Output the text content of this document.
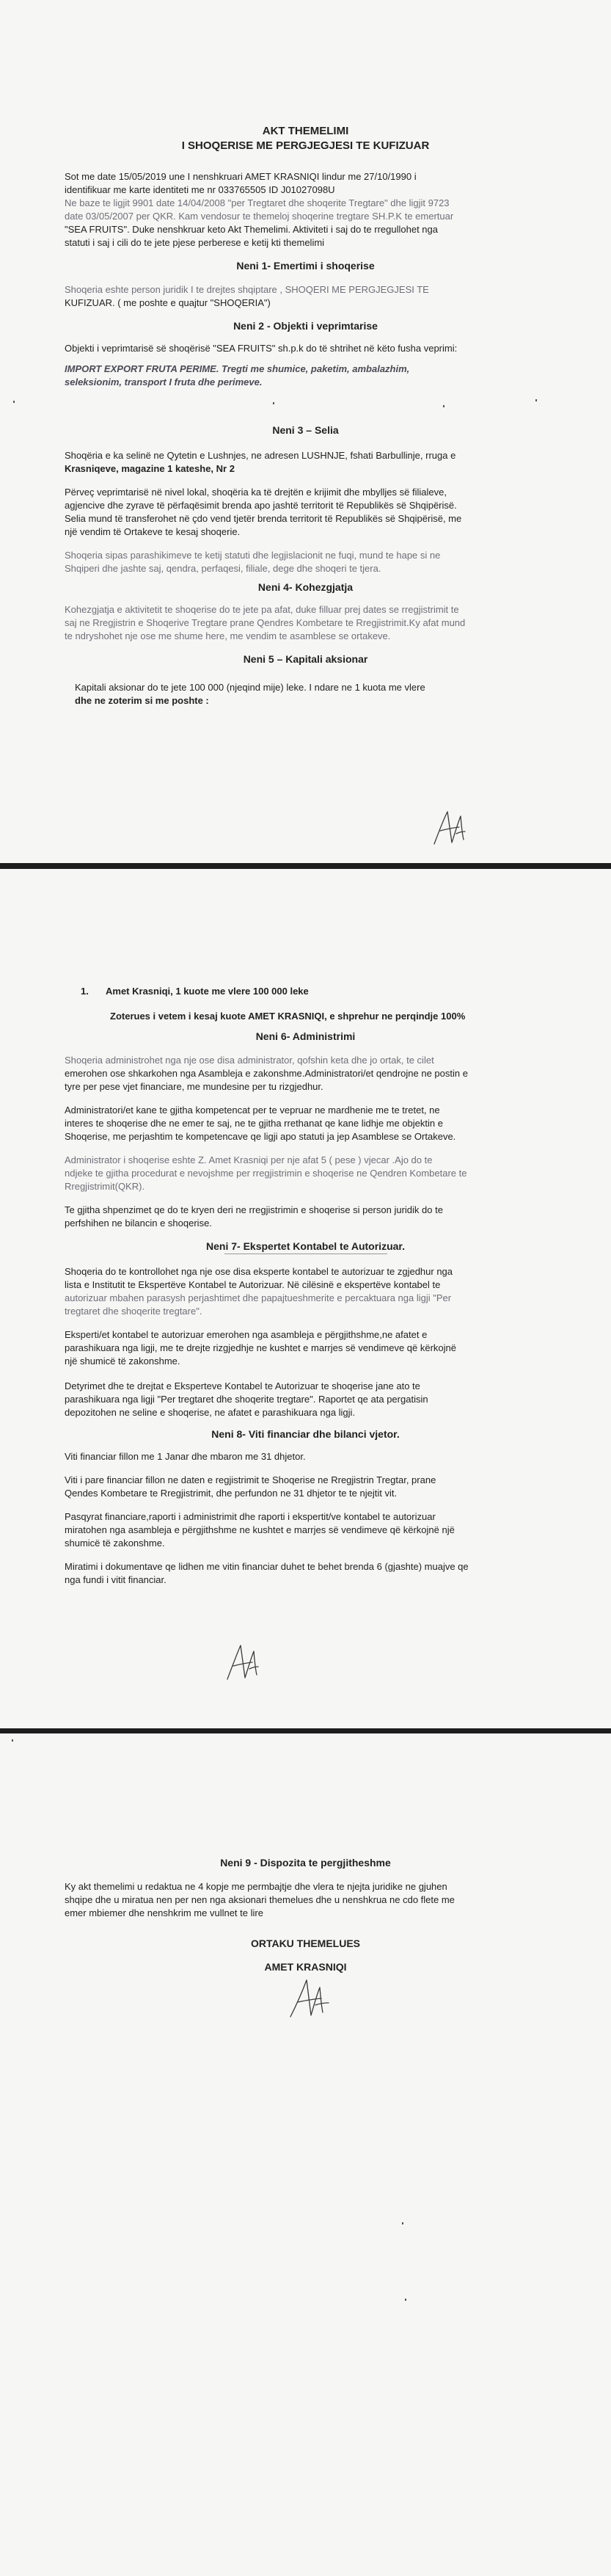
AKT THEMELIMI
I SHOQERISE ME PERGJEGJESI TE KUFIZUAR
Sot me date 15/05/2019 une I nenshkruari AMET KRASNIQI lindur me 27/10/1990 i
identifikuar me karte identiteti me nr 033765505 ID J01027098U
Ne baze te ligjit 9901 date 14/04/2008 "per Tregtaret dhe shoqerite Tregtare" dhe ligjit 9723
date 03/05/2007 per QKR. Kam vendosur te themeloj shoqerine tregtare SH.P.K te emertuar
"SEA FRUITS". Duke nenshkruar keto Akt Themelimi. Aktiviteti i saj do te rregullohet nga
statuti i saj i cili do te jete pjese perberese e ketij kti themelimi
Neni 1- Emertimi i shoqerise
Shoqeria eshte person juridik I te drejtes shqiptare , SHOQERI ME PERGJEGJESI TE
KUFIZUAR. ( me poshte e quajtur "SHOQERIA")
Neni 2 - Objekti i veprimtarise
Objekti i veprimtarisë së shoqërisë "SEA FRUITS" sh.p.k do të shtrihet në këto fusha veprimi:
IMPORT EXPORT FRUTA PERIME. Tregti me shumice, paketim, ambalazhim,
seleksionim, transport I fruta dhe perimeve.
Neni 3 – Selia
Shoqëria e ka selinë ne Qytetin e Lushnjes, ne adresen LUSHNJE, fshati Barbullinje, rruga e
Krasniqeve, magazine 1 kateshe, Nr 2
Përveç veprimtarisë në nivel lokal, shoqëria ka të drejtën e krijimit dhe mbylljes së filialeve,
agjencive dhe zyrave të përfaqësimit brenda apo jashtë territorit të Republikës së Shqipërisë.
Selia mund të transferohet në çdo vend tjetër brenda territorit të Republikës së Shqipërisë, me
një vendim të Ortakeve te kesaj shoqerie.
Shoqeria sipas parashikimeve te ketij statuti dhe legjislacionit ne fuqi, mund te hape si ne
Shqiperi dhe jashte saj, qendra, perfaqesi, filiale, dege dhe shoqeri te tjera.
Neni 4- Kohezgjatja
Kohezgjatja e aktivitetit te shoqerise do te jete pa afat, duke filluar prej dates se rregjistrimit te
saj ne Rregjistrin e Shoqerive Tregtare prane Qendres Kombetare te Rregjistrimit.Ky afat mund
te ndryshohet nje ose me shume here, me vendim te asamblese se ortakeve.
Neni 5 – Kapitali aksionar
Kapitali aksionar do te jete 100 000 (njeqind mije) leke. I ndare ne 1 kuota me vlere
dhe ne zoterim si me poshte :
1.	Amet Krasniqi, 1 kuote me vlere 100 000 leke
Zoterues i vetem i kesaj kuote AMET KRASNIQI, e shprehur ne perqindje 100%
Neni 6- Administrimi
Shoqeria administrohet nga nje ose disa administrator, qofshin keta dhe jo ortak, te cilet
emerohen ose shkarkohen nga Asambleja e zakonshme.Administratori/et qendrojne ne postin e
tyre per pese vjet financiare, me mundesine per tu rizgjedhur.
Administratori/et kane te gjitha kompetencat per te vepruar ne mardhenie me te tretet, ne
interes te shoqerise dhe ne emer te saj, ne te gjitha rrethanat qe kane lidhje me objektin e
Shoqerise, me perjashtim te kompetencave qe ligji apo statuti ja jep Asamblese se Ortakeve.
Administrator i shoqerise eshte Z. Amet Krasniqi per nje afat 5 ( pese ) vjecar .Ajo do te
ndjeke te gjitha procedurat e nevojshme per rregjistrimin e shoqerise ne Qendren Kombetare te
Rregjistrimit(QKR).
Te gjitha shpenzimet qe do te kryen deri ne rregjistrimin e shoqerise si person juridik do te
perfshihen ne bilancin e shoqerise.
Neni 7- Ekspertet Kontabel te Autorizuar.
Shoqeria do te kontrollohet nga nje ose disa eksperte kontabel te autorizuar te zgjedhur nga
lista e Institutit te Ekspertëve Kontabel te Autorizuar. Në cilësinë e ekspertëve kontabel te
autorizuar mbahen parasysh perjashtimet dhe papajtueshmerite e percaktuara nga ligji "Per
tregtaret dhe shoqerite tregtare".
Eksperti/et kontabel te autorizuar emerohen nga asambleja e përgjithshme,ne afatet e
parashikuara nga ligji, me te drejte rizgjedhje ne kushtet e marrjes së vendimeve që kërkojnë
një shumicë të zakonshme.
Detyrimet dhe te drejtat e Eksperteve Kontabel te Autorizuar te shoqerise jane ato te
parashikuara nga ligji "Per tregtaret dhe shoqerite tregtare". Raportet qe ata pergatisin
depozitohen ne seline e shoqerise, ne afatet e parashikuara nga ligji.
Neni 8- Viti financiar dhe bilanci vjetor.
Viti financiar fillon me 1 Janar dhe mbaron me 31 dhjetor.
Viti i pare financiar fillon ne daten e regjistrimit te Shoqerise ne Rregjistrin Tregtar, prane
Qendes Kombetare te Rregjistrimit, dhe perfundon ne 31 dhjetor te te njejtit vit.
Pasqyrat financiare,raporti i administrimit dhe raporti i ekspertit/ve kontabel te autorizuar
miratohen nga asambleja e përgjithshme ne kushtet e marrjes së vendimeve që kërkojnë një
shumicë të zakonshme.
Miratimi i dokumentave qe lidhen me vitin financiar duhet te behet brenda 6 (gjashte) muajve qe
nga fundi i vitit financiar.
Neni 9 - Dispozita te pergjitheshme
Ky akt themelimi u redaktua ne 4 kopje me permbajtje dhe vlera te njejta juridike ne gjuhen
shqipe dhe u miratua nen per nen nga aksionari themelues dhe u nenshkrua ne cdo flete me
emer mbiemer dhe nenshkrim me vullnet te lire
ORTAKU THEMELUES
AMET KRASNIQI
